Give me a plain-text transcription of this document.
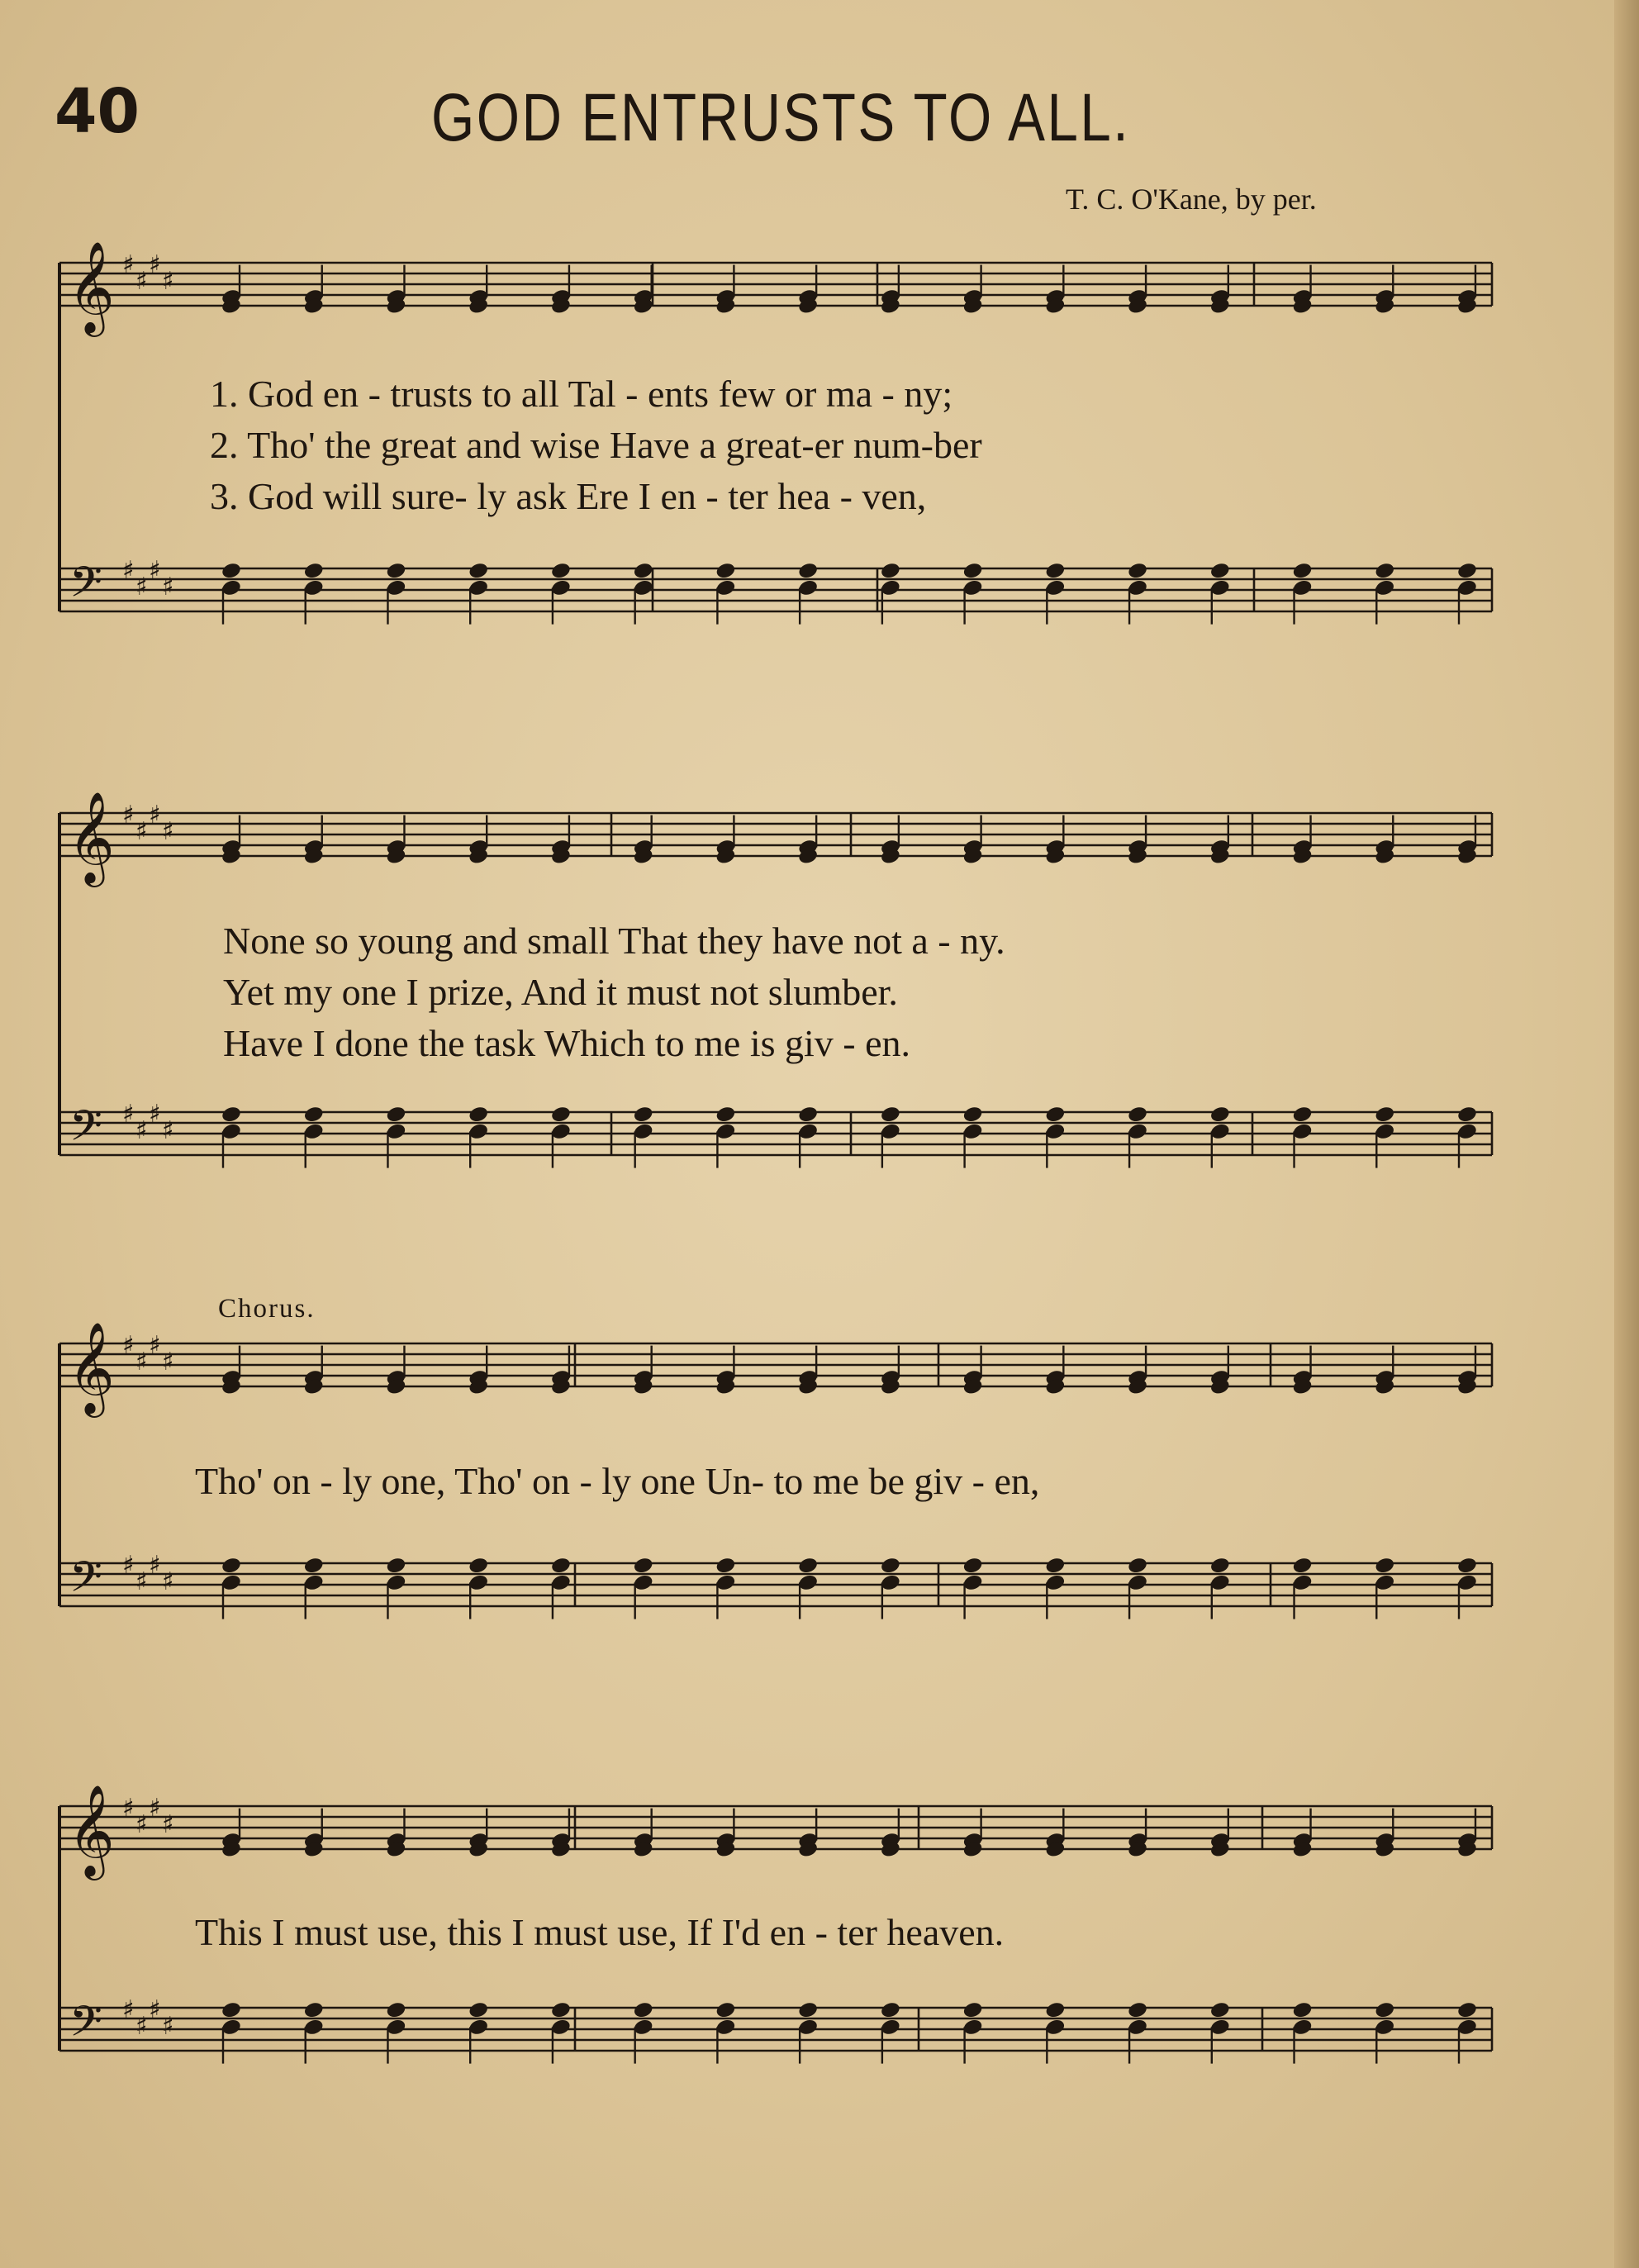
40	GOD ENTRUSTS TO ALL.
T. C. O'Kane, by per.
𝄞
𝄢
♯
♯
♯
♯
♯
♯
♯
♯
𝄞
𝄢
♯
♯
♯
♯
♯
♯
♯
♯
𝄞
𝄢
♯
♯
♯
♯
♯
♯
♯
♯
𝄞
𝄢
♯
♯
♯
♯
♯
♯
♯
♯
1. God en - trusts to all Tal - ents few or ma - ny;
2. Tho' the great and wise Have a great-er num-ber
3. God will sure- ly ask Ere I en - ter hea - ven,
None so young and small That they have not a - ny.
Yet my one I prize, And it must not slumber.
Have I done the task Which to me is giv - en.
Chorus.
Tho' on - ly one, Tho' on - ly one Un- to me be giv - en,
This I must use, this I must use, If I'd en - ter heaven.
